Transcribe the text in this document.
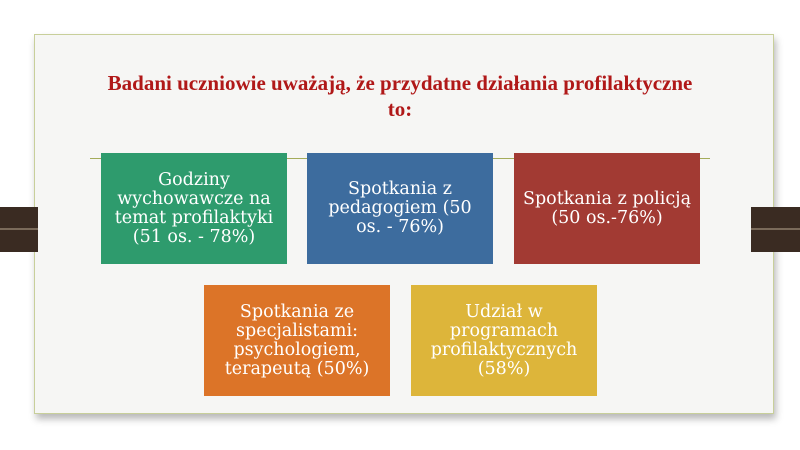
Badani uczniowie uważają, że przydatne działania profilaktyczne
to:
Godziny wychowawcze na temat profilaktyki (51 os. - 78%)
Spotkania z pedagogiem (50 os. - 76%)
Spotkania z policją (50 os.-76%)
Spotkania ze specjalistami: psychologiem, terapeutą (50%)
Udział w programach profilaktycznych (58%)
